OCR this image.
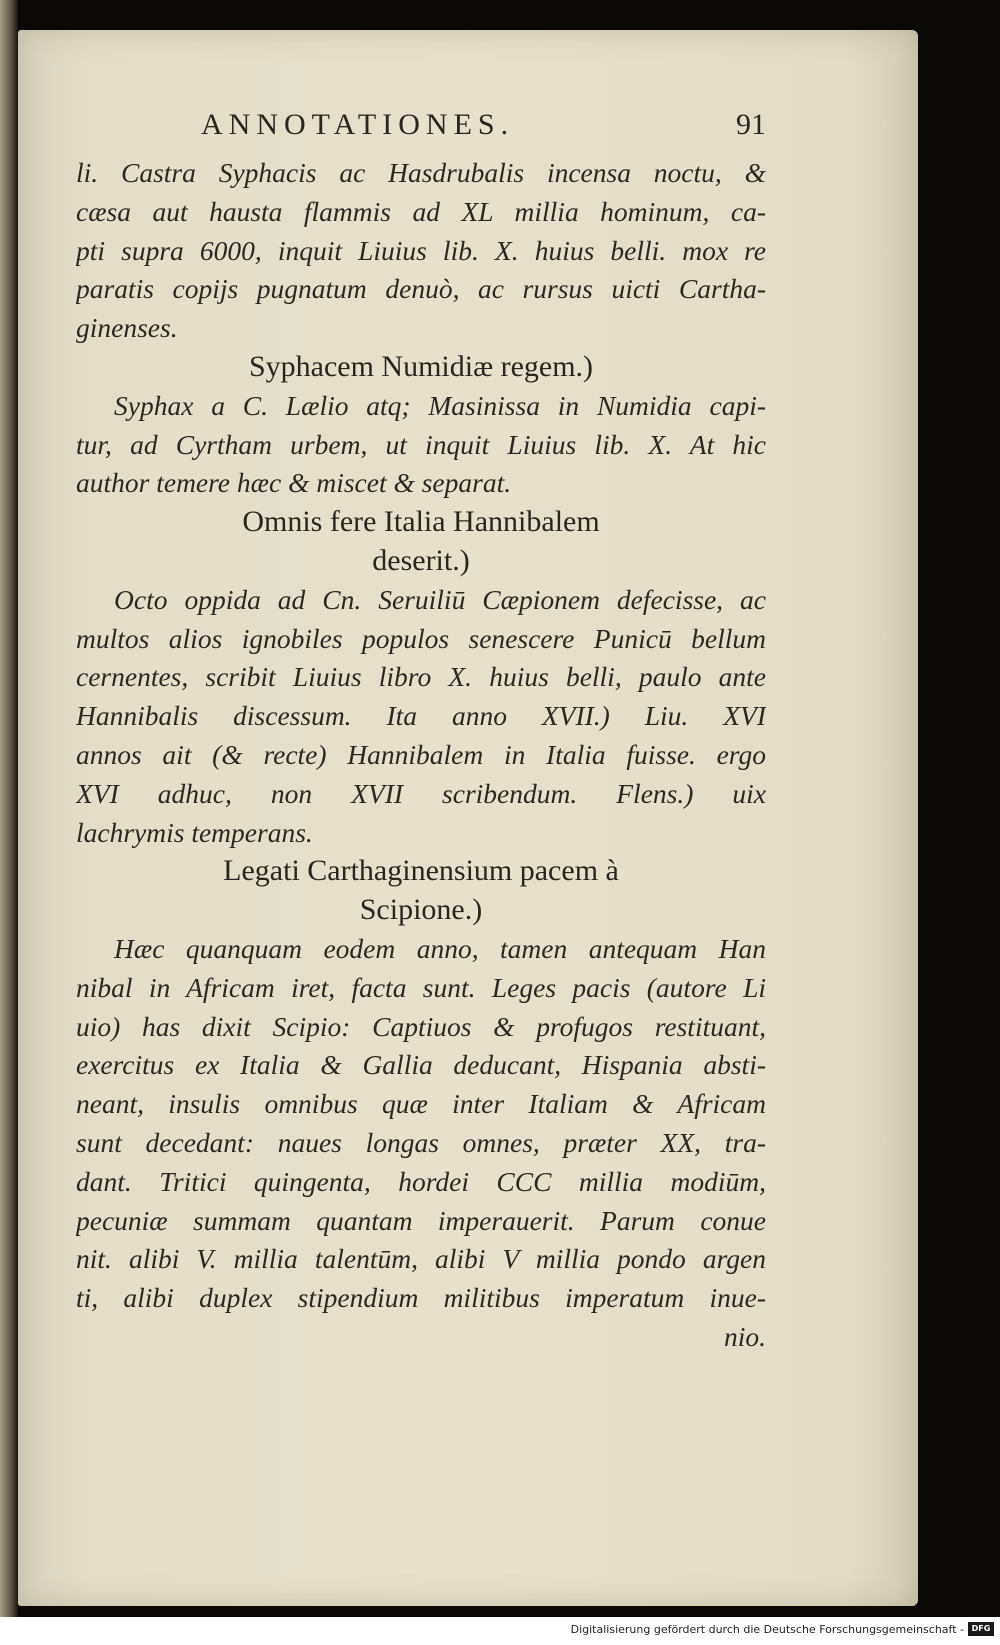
ANNOTATIONES.	91
li. Castra Syphacis ac Hasdrubalis incensa noctu, &
cæsa aut hausta flammis ad XL millia hominum, ca-
pti supra 6000, inquit Liuius lib. X. huius belli. mox re
paratis copijs pugnatum denuò, ac rursus uicti Cartha-
ginenses.
Syphacem Numidiæ regem.)
Syphax a C. Lælio atq; Masinissa in Numidia capi-
tur, ad Cyrtham urbem, ut inquit Liuius lib. X. At hic
author temere hæc & miscet & separat.
Omnis fere Italia Hannibalem
deserit.)
Octo oppida ad Cn. Seruiliū Cæpionem defecisse, ac
multos alios ignobiles populos senescere Punicū bellum
cernentes, scribit Liuius libro X. huius belli, paulo ante
Hannibalis discessum. Ita anno XVII.) Liu. XVI
annos ait (& recte) Hannibalem in Italia fuisse. ergo
XVI adhuc, non XVII scribendum. Flens.) uix
lachrymis temperans.
Legati Carthaginensium pacem à
Scipione.)
Hæc quanquam eodem anno, tamen antequam Han
nibal in Africam iret, facta sunt. Leges pacis (autore Li
uio) has dixit Scipio: Captiuos & profugos restituant,
exercitus ex Italia & Gallia deducant, Hispania absti-
neant, insulis omnibus quæ inter Italiam & Africam
sunt decedant: naues longas omnes, præter XX, tra-
dant. Tritici quingenta, hordei CCC millia modiūm,
pecuniæ summam quantam imperauerit. Parum conue
nit. alibi V. millia talentūm, alibi V millia pondo argen
ti, alibi duplex stipendium militibus imperatum inue-
nio.
Digitalisierung gefördert durch die Deutsche Forschungsgemeinschaft - DFG
